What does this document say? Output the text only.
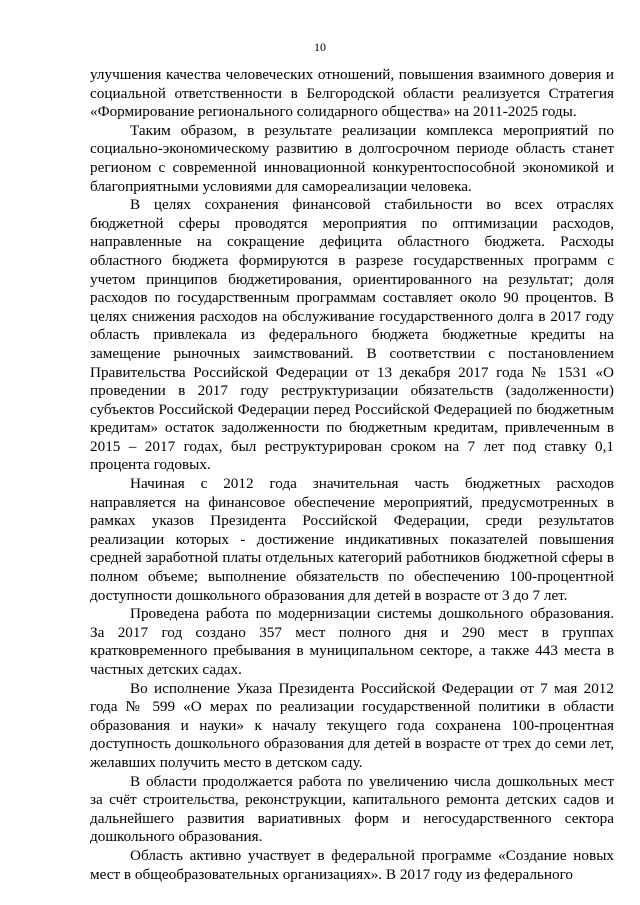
10

улучшения качества человеческих отношений, повышения взаимного доверия и социальной ответственности в Белгородской области реализуется Стратегия «Формирование регионального солидарного общества» на 2011-2025 годы.

Таким образом, в результате реализации комплекса мероприятий по социально-экономическому развитию в долгосрочном периоде область станет регионом с современной инновационной конкурентоспособной экономикой и благоприятными условиями для самореализации человека.

В целях сохранения финансовой стабильности во всех отраслях бюджетной сферы проводятся мероприятия по оптимизации расходов, направленные на сокращение дефицита областного бюджета. Расходы областного бюджета формируются в разрезе государственных программ с учетом принципов бюджетирования, ориентированного на результат; доля расходов по государственным программам составляет около 90 процентов. В целях снижения расходов на обслуживание государственного долга в 2017 году область привлекала из федерального бюджета бюджетные кредиты на замещение рыночных заимствований. В соответствии с постановлением Правительства Российской Федерации от 13 декабря 2017 года № 1531 «О проведении в 2017 году реструктуризации обязательств (задолженности) субъектов Российской Федерации перед Российской Федерацией по бюджетным кредитам» остаток задолженности по бюджетным кредитам, привлеченным в 2015 – 2017 годах, был реструктурирован сроком на 7 лет под ставку 0,1 процента годовых.

Начиная с 2012 года значительная часть бюджетных расходов направляется на финансовое обеспечение мероприятий, предусмотренных в рамках указов Президента Российской Федерации, среди результатов реализации которых - достижение индикативных показателей повышения средней заработной платы отдельных категорий работников бюджетной сферы в полном объеме; выполнение обязательств по обеспечению 100-процентной доступности дошкольного образования для детей в возрасте от 3 до 7 лет.

Проведена работа по модернизации системы дошкольного образования. За 2017 год создано 357 мест полного дня и 290 мест в группах кратковременного пребывания в муниципальном секторе, а также 443 места в частных детских садах.

Во исполнение Указа Президента Российской Федерации от 7 мая 2012 года № 599 «О мерах по реализации государственной политики в области образования и науки» к началу текущего года сохранена 100-процентная доступность дошкольного образования для детей в возрасте от трех до семи лет, желавших получить место в детском саду.

В области продолжается работа по увеличению числа дошкольных мест за счёт строительства, реконструкции, капитального ремонта детских садов и дальнейшего развития вариативных форм и негосударственного сектора дошкольного образования.

Область активно участвует в федеральной программе «Создание новых мест в общеобразовательных организациях». В 2017 году из федерального
